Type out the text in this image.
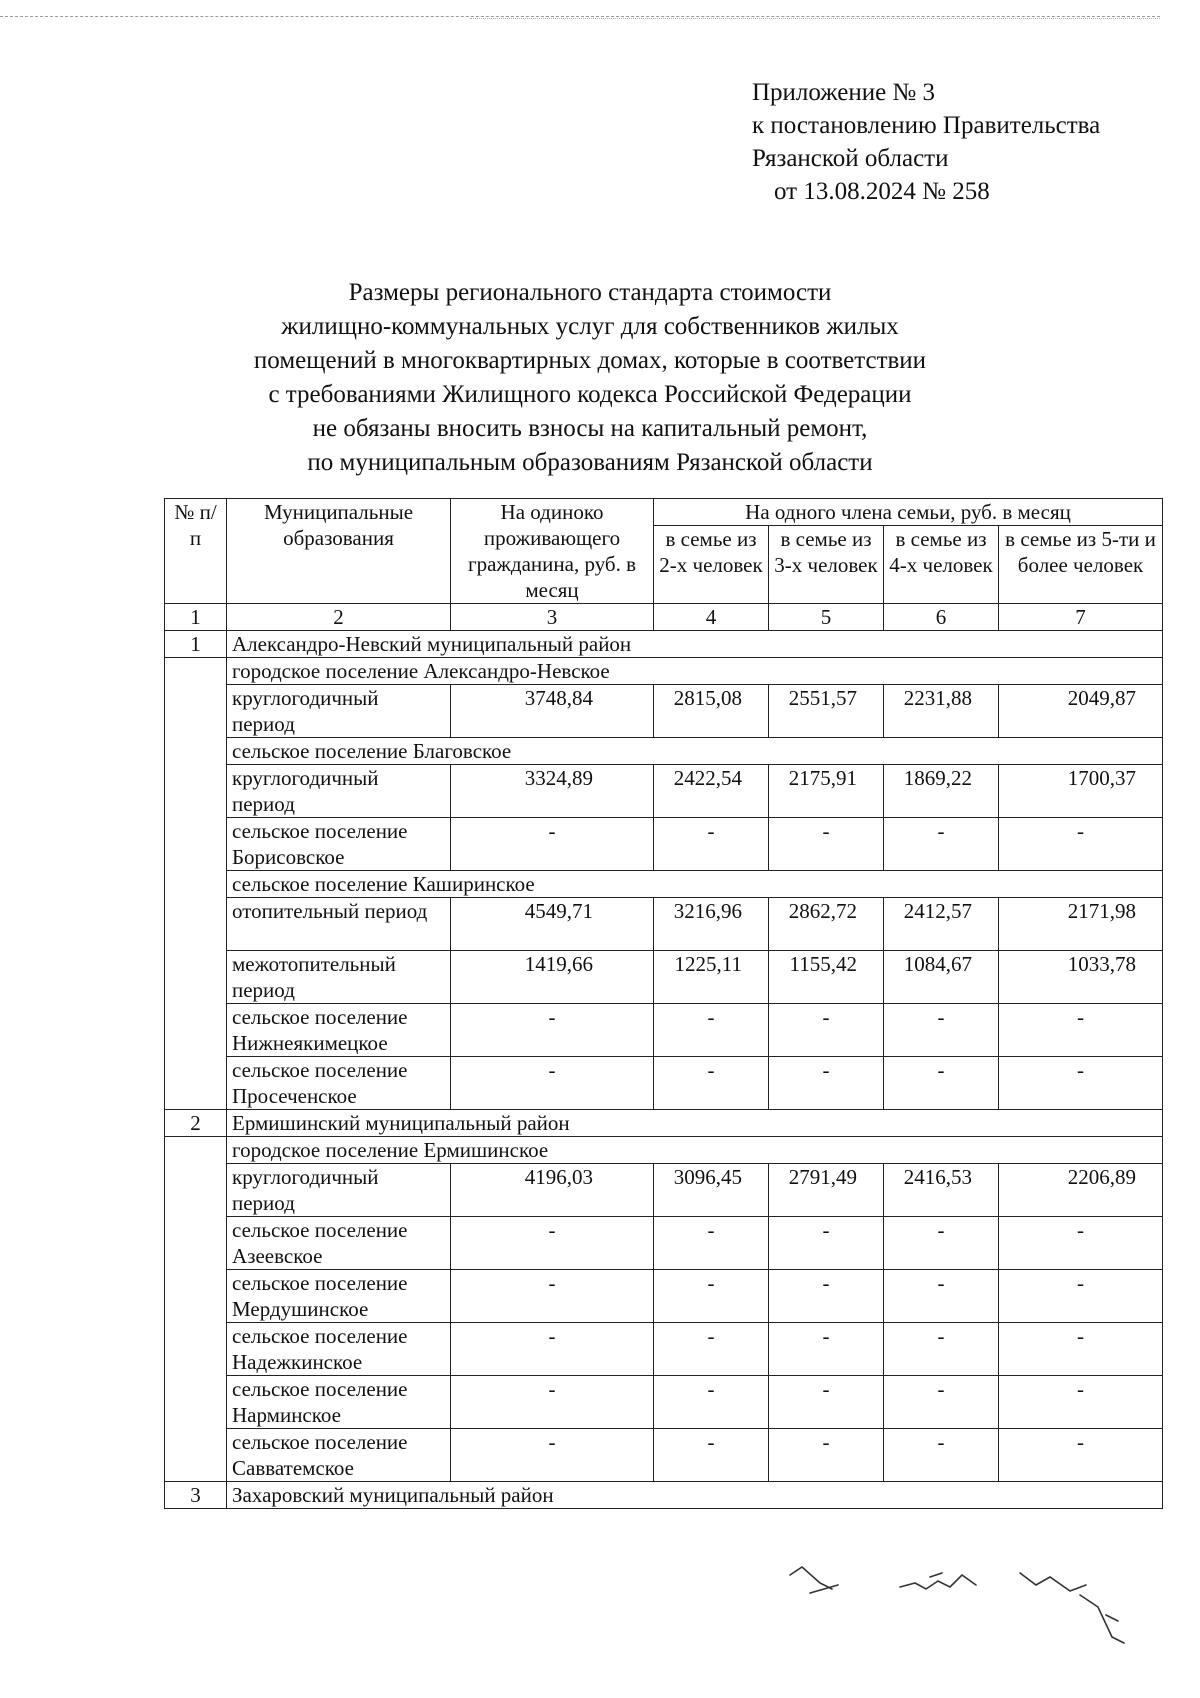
Приложение № 3
к постановлению Правительства
Рязанской области
от 13.08.2024 № 258
Размеры регионального стандарта стоимости
жилищно-коммунальных услуг для собственников жилых
помещений в многоквартирных домах, которые в соответствии
с требованиями Жилищного кодекса Российской Федерации
не обязаны вносить взносы на капитальный ремонт,
по муниципальным образованиям Рязанской области
№ п/п	Муниципальные образования	На одиноко проживающего гражданина, руб. в месяц	На одного члена семьи, руб. в месяц			
			в семье из 2-х человек	в семье из 3-х человек	в семье из 4-х человек	в семье из 5-ти и более человек
1	2	3	4	5	6	7
1	Александро-Невский муниципальный район					
	городское поселение Александро-Невское					
	круглогодичный период	3748,84	2815,08	2551,57	2231,88	2049,87
	сельское поселение Благовское					
	круглогодичный период	3324,89	2422,54	2175,91	1869,22	1700,37
	сельское поселение Борисовское	-	-	-	-	-
	сельское поселение Каширинское					
	отопительный период	4549,71	3216,96	2862,72	2412,57	2171,98
	межотопительный период	1419,66	1225,11	1155,42	1084,67	1033,78
	сельское поселение Нижнеякимецкое	-	-	-	-	-
	сельское поселение Просеченское	-	-	-	-	-
2	Ермишинский муниципальный район					
	городское поселение Ермишинское					
	круглогодичный период	4196,03	3096,45	2791,49	2416,53	2206,89
	сельское поселение Азеевское	-	-	-	-	-
	сельское поселение Мердушинское	-	-	-	-	-
	сельское поселение Надежкинское	-	-	-	-	-
	сельское поселение Нарминское	-	-	-	-	-
	сельское поселение Савватемское	-	-	-	-	-
3	Захаровский муниципальный район					
